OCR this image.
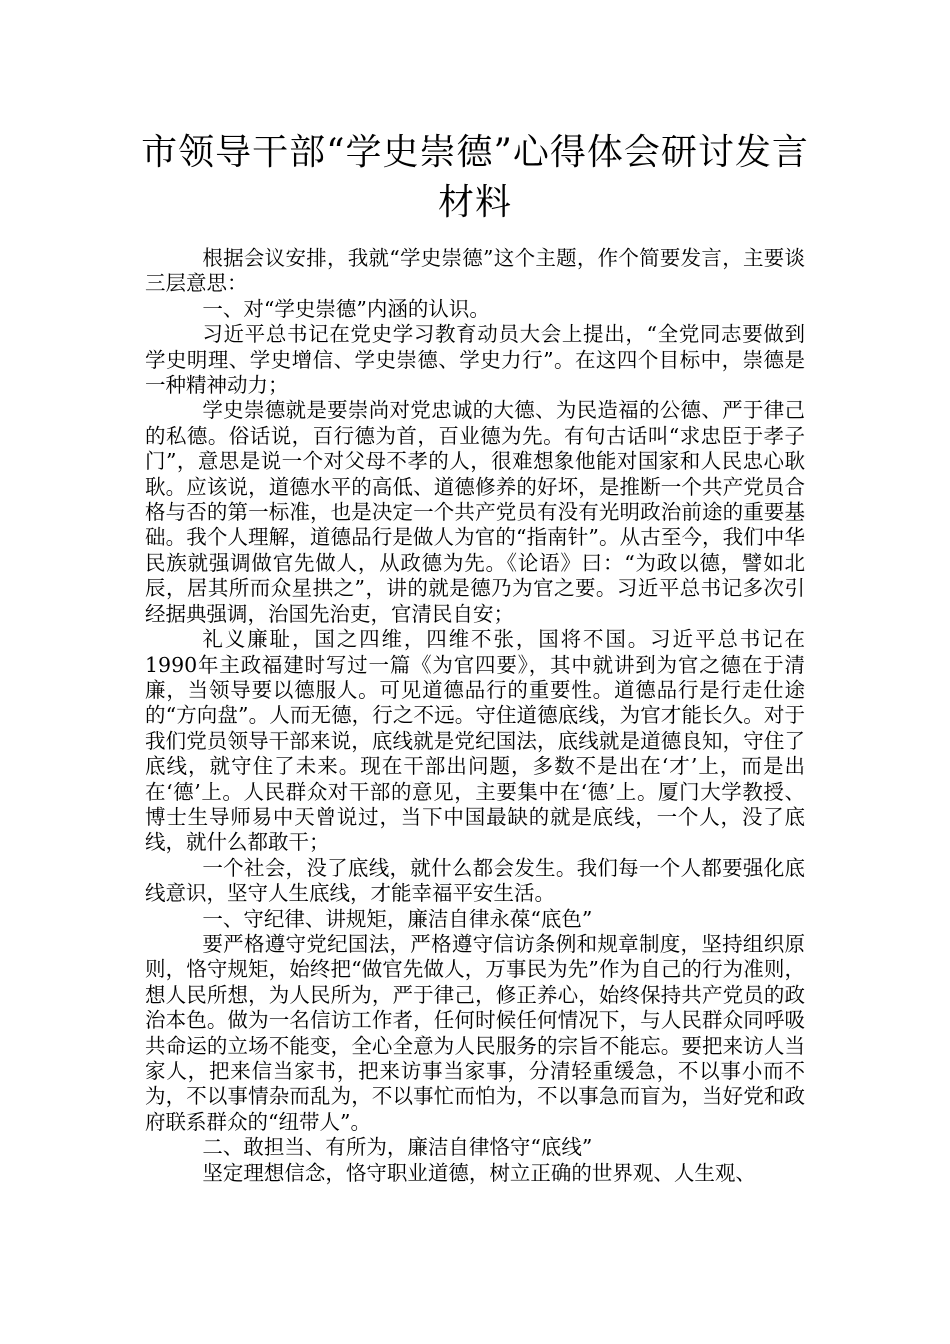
市领导干部“学史崇德”心得体会研讨发言材料

根据会议安排，我就“学史崇德”这个主题，作个简要发言，主要谈三层意思：

一、对“学史崇德”内涵的认识。

习近平总书记在党史学习教育动员大会上提出，“全党同志要做到学史明理、学史增信、学史崇德、学史力行”。在这四个目标中，崇德是一种精神动力；

学史崇德就是要崇尚对党忠诚的大德、为民造福的公德、严于律己的私德。俗话说，百行德为首，百业德为先。有句古话叫“求忠臣于孝子门”，意思是说一个对父母不孝的人，很难想象他能对国家和人民忠心耿耿。应该说，道德水平的高低、道德修养的好坏，是推断一个共产党员合格与否的第一标准，也是决定一个共产党员有没有光明政治前途的重要基础。我个人理解，道德品行是做人为官的“指南针”。从古至今，我们中华民族就强调做官先做人，从政德为先。《论语》曰：“为政以德，譬如北辰，居其所而众星拱之”，讲的就是德乃为官之要。习近平总书记多次引经据典强调，治国先治吏，官清民自安；

礼义廉耻，国之四维，四维不张，国将不国。习近平总书记在1990年主政福建时写过一篇《为官四要》，其中就讲到为官之德在于清廉，当领导要以德服人。可见道德品行的重要性。道德品行是行走仕途的“方向盘”。人而无德，行之不远。守住道德底线，为官才能长久。对于我们党员领导干部来说，底线就是党纪国法，底线就是道德良知，守住了底线，就守住了未来。现在干部出问题，多数不是出在‘才’上，而是出在‘德’上。人民群众对干部的意见，主要集中在‘德’上。厦门大学教授、博士生导师易中天曾说过，当下中国最缺的就是底线，一个人，没了底线，就什么都敢干；

一个社会，没了底线，就什么都会发生。我们每一个人都要强化底线意识，坚守人生底线，才能幸福平安生活。

一、守纪律、讲规矩，廉洁自律永葆“底色”

要严格遵守党纪国法，严格遵守信访条例和规章制度，坚持组织原则，恪守规矩，始终把“做官先做人，万事民为先”作为自己的行为准则，想人民所想，为人民所为，严于律己，修正养心，始终保持共产党员的政治本色。做为一名信访工作者，任何时候任何情况下，与人民群众同呼吸共命运的立场不能变，全心全意为人民服务的宗旨不能忘。要把来访人当家人，把来信当家书，把来访事当家事，分清轻重缓急，不以事小而不为，不以事情杂而乱为，不以事忙而怕为，不以事急而盲为，当好党和政府联系群众的“纽带人”。

二、敢担当、有所为，廉洁自律恪守“底线”

坚定理想信念，恪守职业道德，树立正确的世界观、人生观、
